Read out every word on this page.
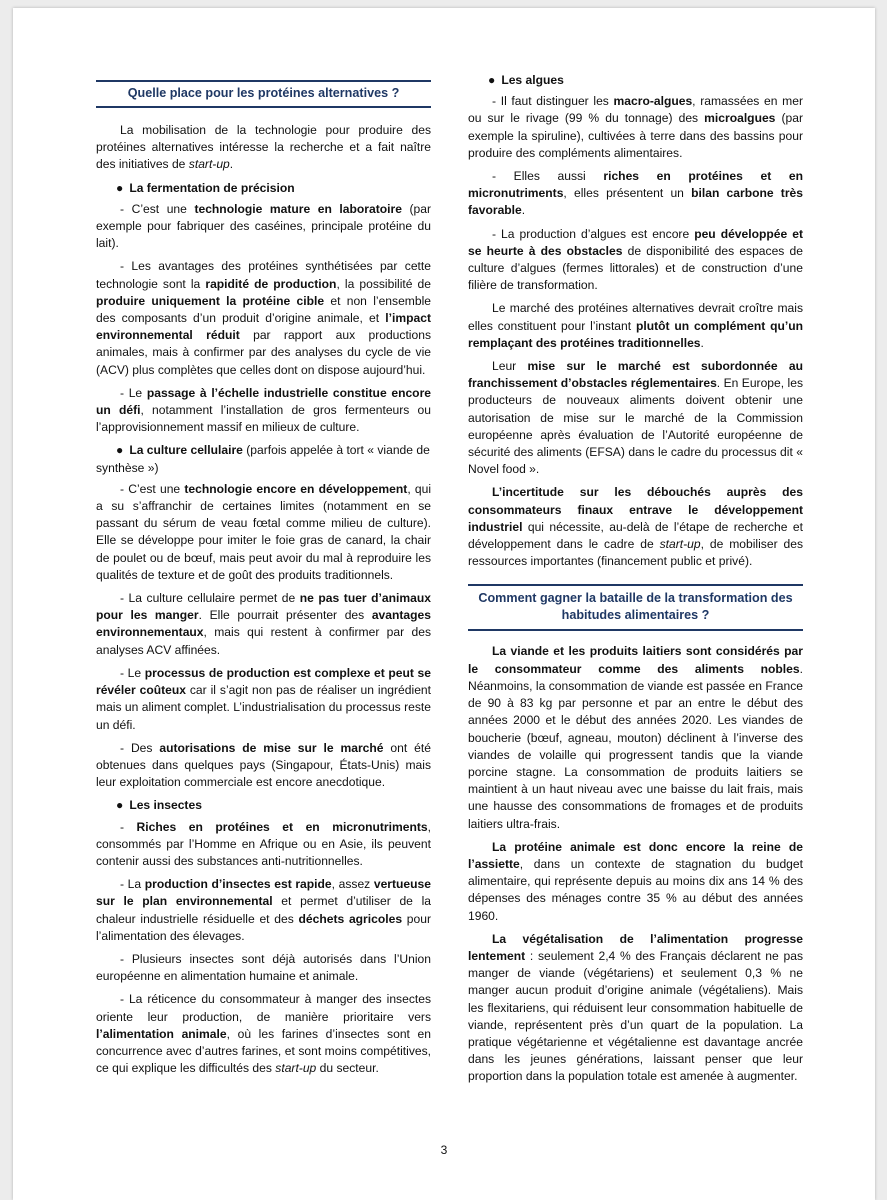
Quelle place pour les protéines alternatives ?

La mobilisation de la technologie pour produire des protéines alternatives intéresse la recherche et a fait naître des initiatives de start-up.

● La fermentation de précision

- C’est une technologie mature en laboratoire (par exemple pour fabriquer des caséines, principale protéine du lait).

- Les avantages des protéines synthétisées par cette technologie sont la rapidité de production, la possibilité de produire uniquement la protéine cible et non l’ensemble des composants d’un produit d’origine animale, et l’impact environnemental réduit par rapport aux productions animales, mais à confirmer par des analyses du cycle de vie (ACV) plus complètes que celles dont on dispose aujourd’hui.

- Le passage à l’échelle industrielle constitue encore un défi, notamment l’installation de gros fermenteurs ou l’approvisionnement massif en milieux de culture.

● La culture cellulaire (parfois appelée à tort « viande de synthèse »)

- C’est une technologie encore en développement, qui a su s’affranchir de certaines limites (notamment en se passant du sérum de veau fœtal comme milieu de culture). Elle se développe pour imiter le foie gras de canard, la chair de poulet ou de bœuf, mais peut avoir du mal à reproduire les qualités de texture et de goût des produits traditionnels.

- La culture cellulaire permet de ne pas tuer d’animaux pour les manger. Elle pourrait présenter des avantages environnementaux, mais qui restent à confirmer par des analyses ACV affinées.

- Le processus de production est complexe et peut se révéler coûteux car il s’agit non pas de réaliser un ingrédient mais un aliment complet. L’industrialisation du processus reste un défi.

- Des autorisations de mise sur le marché ont été obtenues dans quelques pays (Singapour, États-Unis) mais leur exploitation commerciale est encore anecdotique.

● Les insectes

- Riches en protéines et en micronutriments, consommés par l’Homme en Afrique ou en Asie, ils peuvent contenir aussi des substances anti-nutritionnelles.

- La production d’insectes est rapide, assez vertueuse sur le plan environnemental et permet d’utiliser de la chaleur industrielle résiduelle et des déchets agricoles pour l’alimentation des élevages.

- Plusieurs insectes sont déjà autorisés dans l’Union européenne en alimentation humaine et animale.

- La réticence du consommateur à manger des insectes oriente leur production, de manière prioritaire vers l’alimentation animale, où les farines d’insectes sont en concurrence avec d’autres farines, et sont moins compétitives, ce qui explique les difficultés des start-up du secteur.

● Les algues

- Il faut distinguer les macro-algues, ramassées en mer ou sur le rivage (99 % du tonnage) des microalgues (par exemple la spiruline), cultivées à terre dans des bassins pour produire des compléments alimentaires.

- Elles aussi riches en protéines et en micronutriments, elles présentent un bilan carbone très favorable.

- La production d’algues est encore peu développée et se heurte à des obstacles de disponibilité des espaces de culture d’algues (fermes littorales) et de construction d’une filière de transformation.

Le marché des protéines alternatives devrait croître mais elles constituent pour l’instant plutôt un complément qu’un remplaçant des protéines traditionnelles.

Leur mise sur le marché est subordonnée au franchissement d’obstacles réglementaires. En Europe, les producteurs de nouveaux aliments doivent obtenir une autorisation de mise sur le marché de la Commission européenne après évaluation de l’Autorité européenne de sécurité des aliments (EFSA) dans le cadre du processus dit « Novel food ».

L’incertitude sur les débouchés auprès des consommateurs finaux entrave le développement industriel qui nécessite, au-delà de l’étape de recherche et développement dans le cadre de start-up, de mobiliser des ressources importantes (financement public et privé).

Comment gagner la bataille de la transformation des habitudes alimentaires ?

La viande et les produits laitiers sont considérés par le consommateur comme des aliments nobles. Néanmoins, la consommation de viande est passée en France de 90 à 83 kg par personne et par an entre le début des années 2000 et le début des années 2020. Les viandes de boucherie (bœuf, agneau, mouton) déclinent à l’inverse des viandes de volaille qui progressent tandis que la viande porcine stagne. La consommation de produits laitiers se maintient à un haut niveau avec une baisse du lait frais, mais une hausse des consommations de fromages et de produits laitiers ultra-frais.

La protéine animale est donc encore la reine de l’assiette, dans un contexte de stagnation du budget alimentaire, qui représente depuis au moins dix ans 14 % des dépenses des ménages contre 35 % au début des années 1960.

La végétalisation de l’alimentation progresse lentement : seulement 2,4 % des Français déclarent ne pas manger de viande (végétariens) et seulement 0,3 % ne manger aucun produit d’origine animale (végétaliens). Mais les flexitariens, qui réduisent leur consommation habituelle de viande, représentent près d’un quart de la population. La pratique végétarienne et végétalienne est davantage ancrée dans les jeunes générations, laissant penser que leur proportion dans la population totale est amenée à augmenter.

3
